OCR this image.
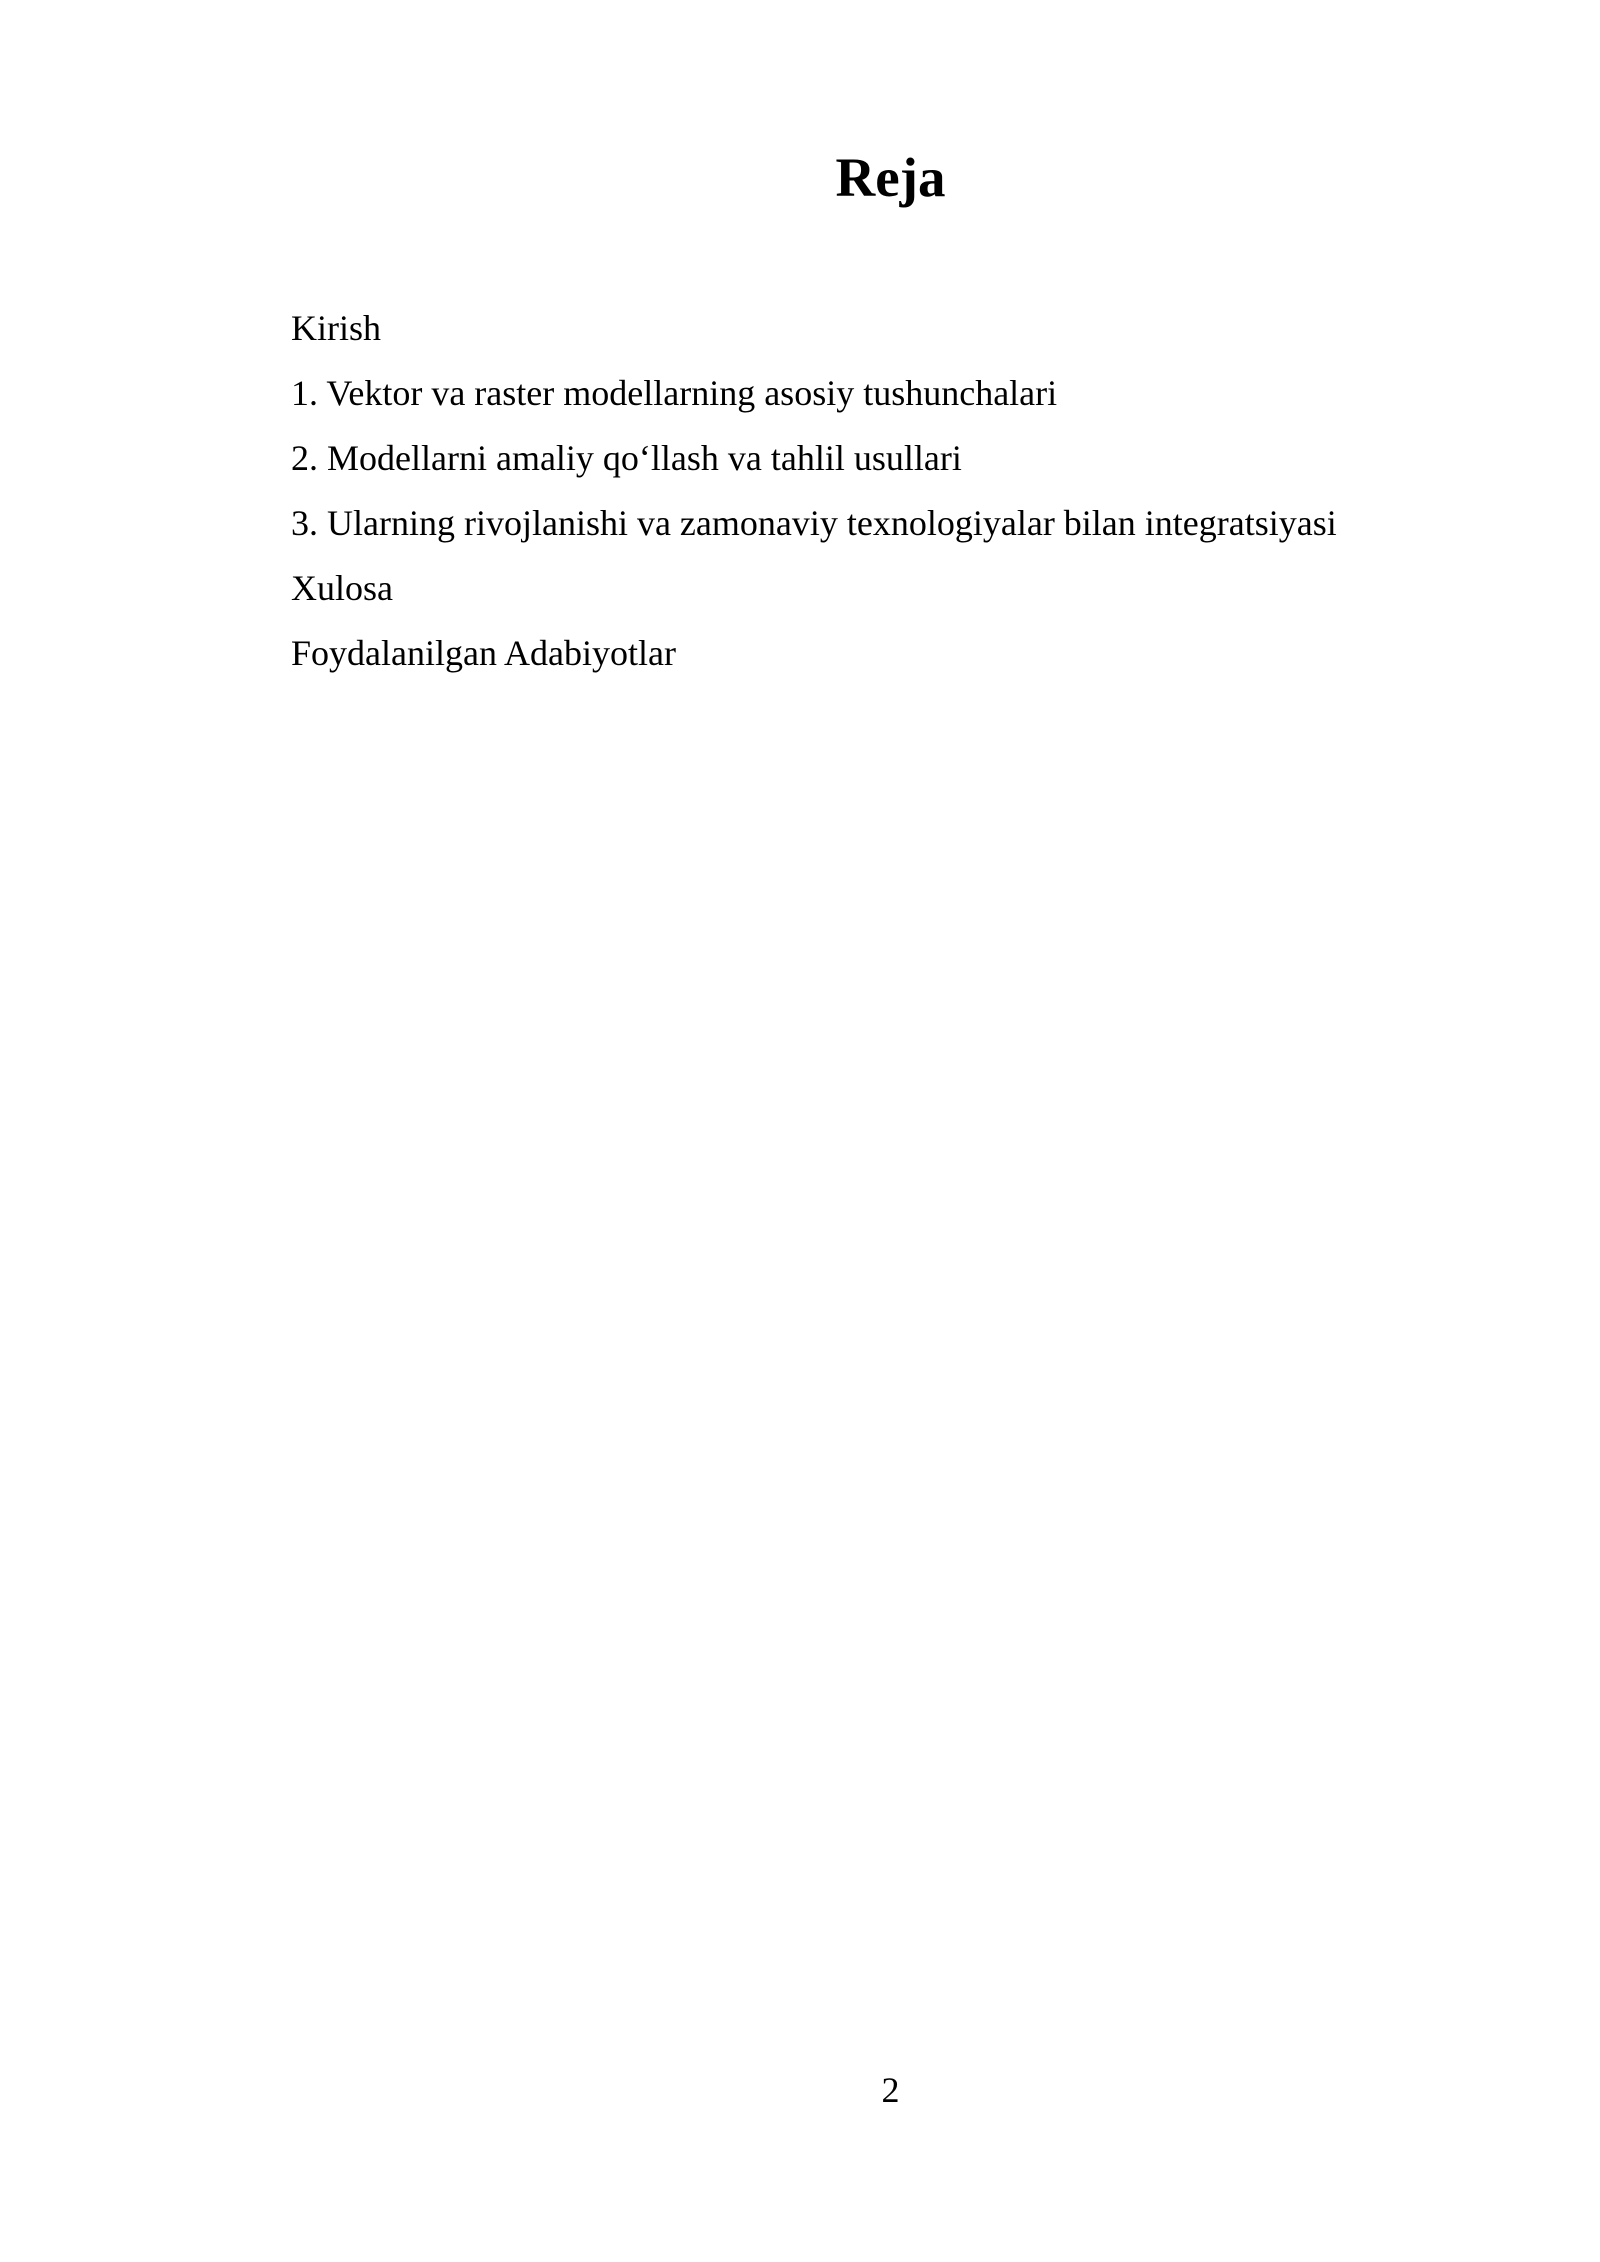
Reja
Kirish
1. Vektor va raster modellarning asosiy tushunchalari
2. Modellarni amaliy qo‘llash va tahlil usullari
3. Ularning rivojlanishi va zamonaviy texnologiyalar bilan integratsiyasi
Xulosa
Foydalanilgan Adabiyotlar
2
